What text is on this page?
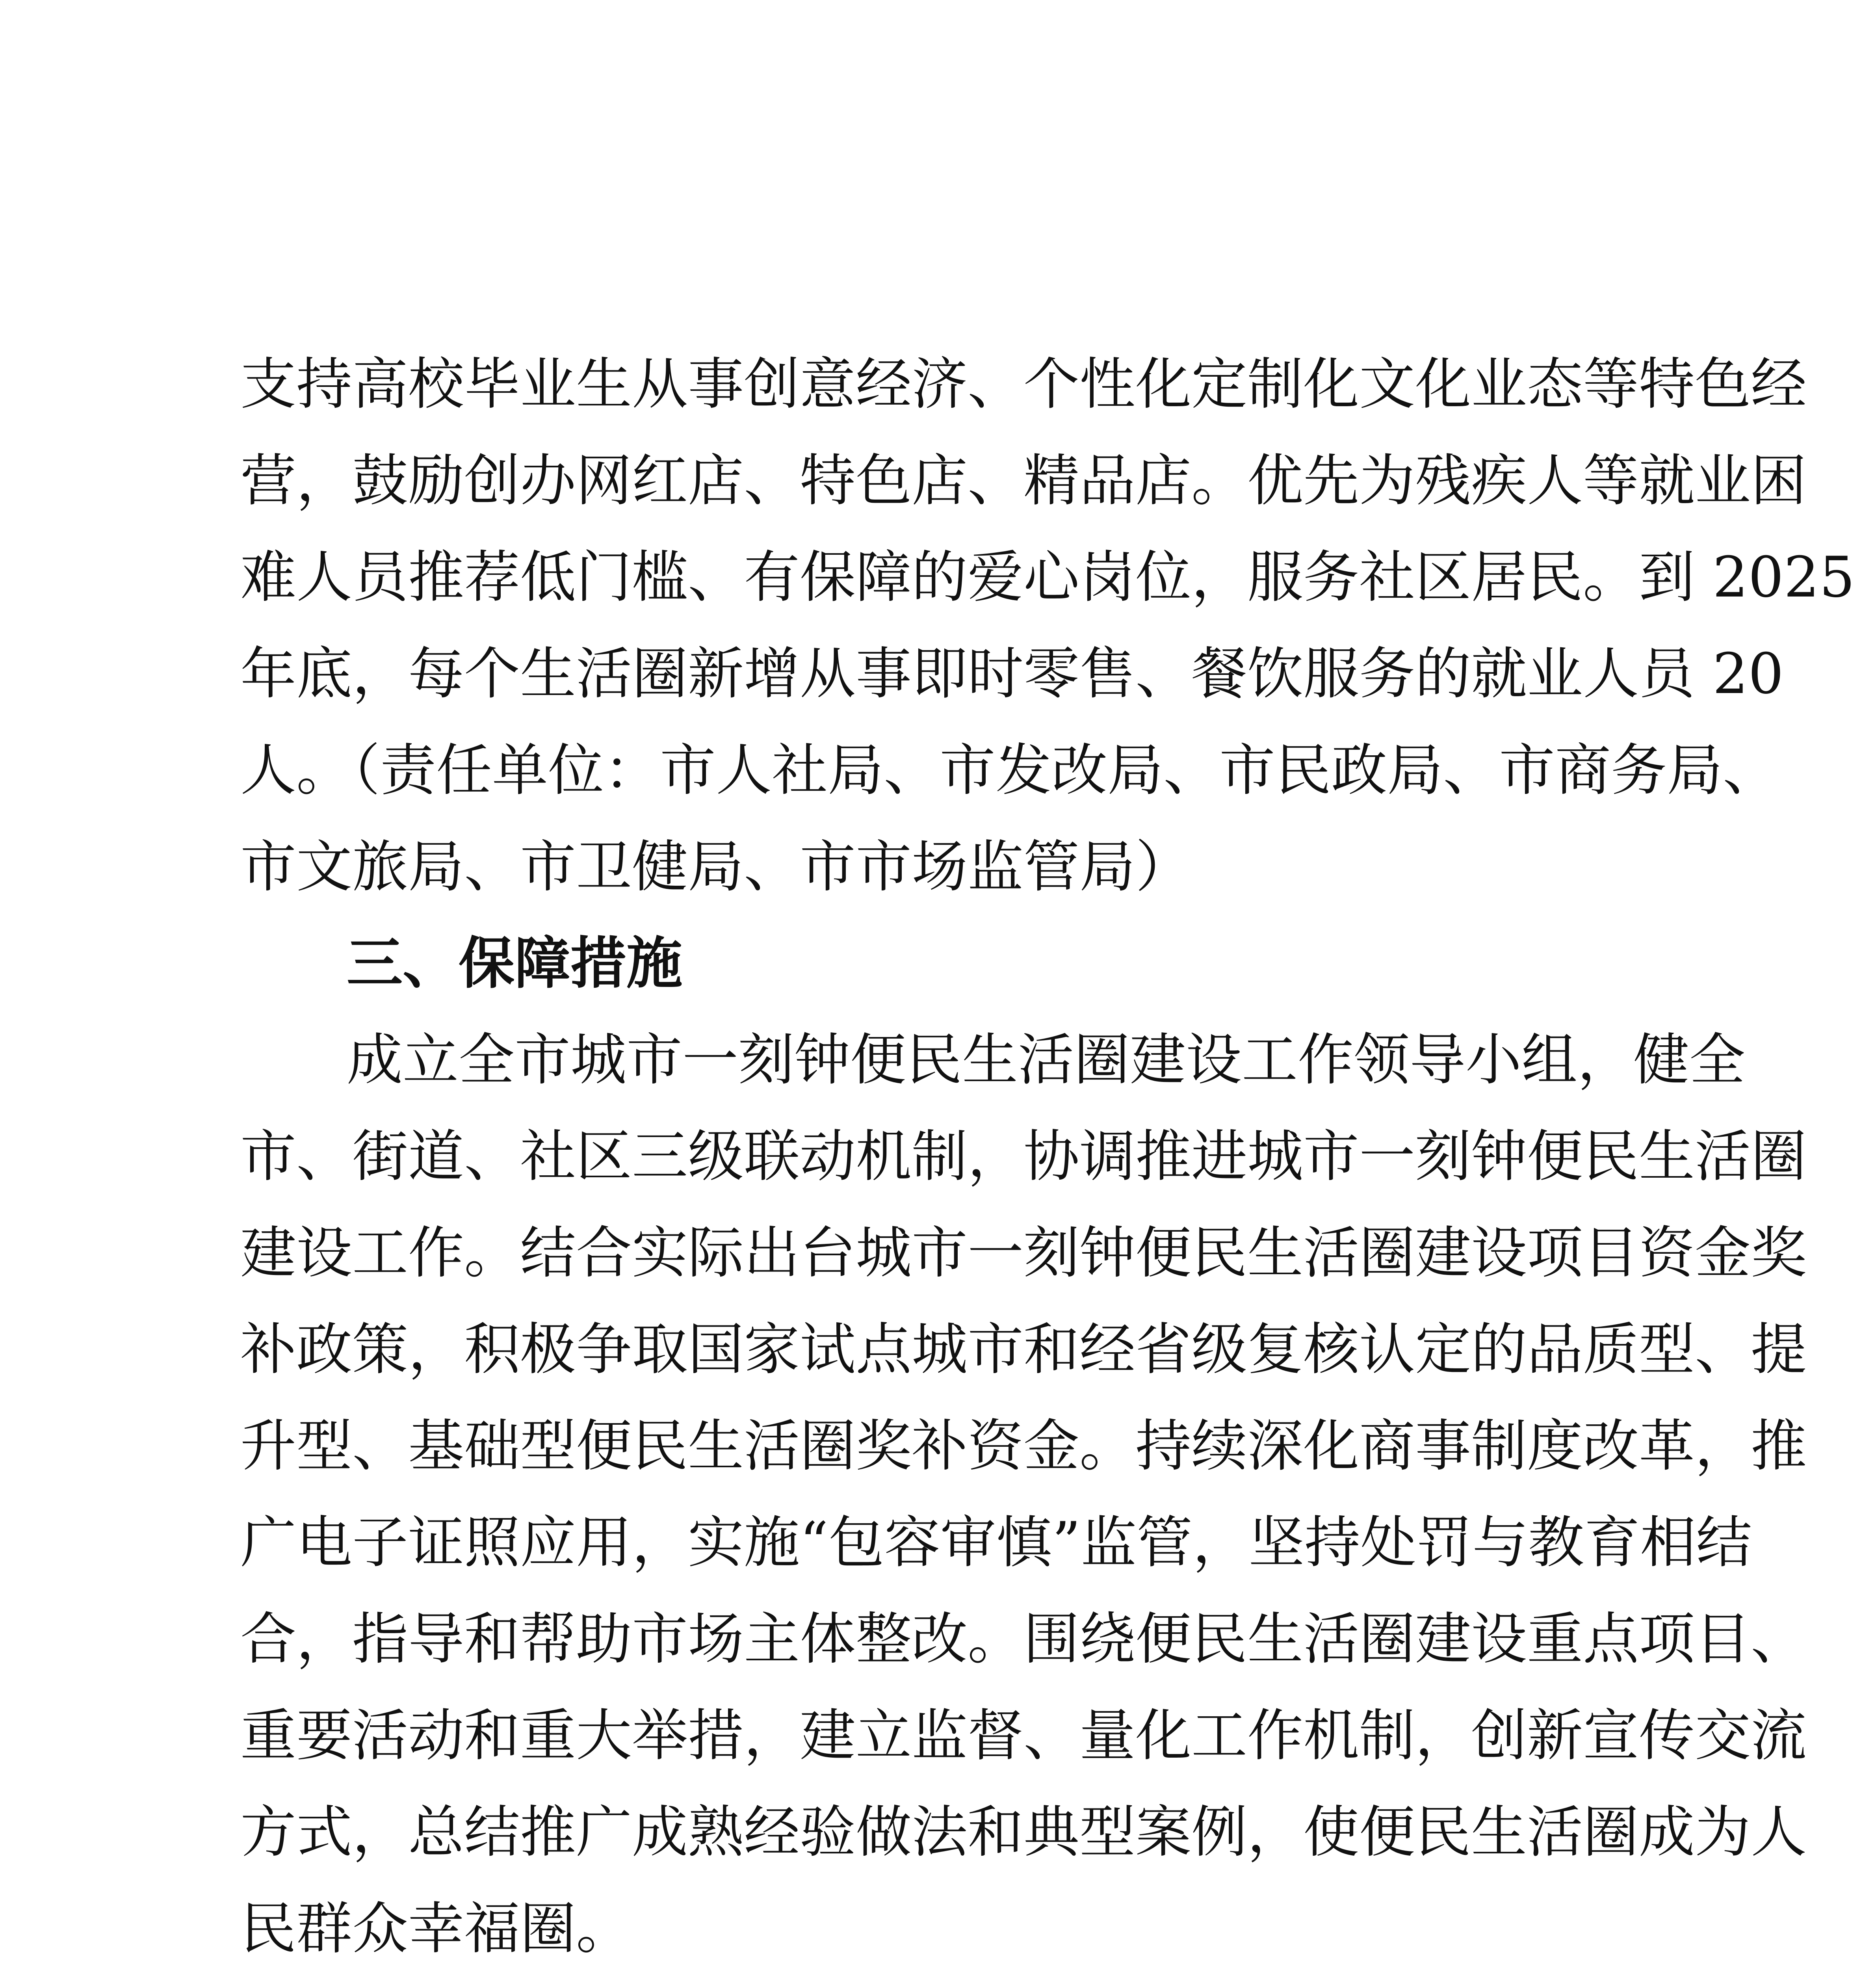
支持高校毕业生从事创意经济、个性化定制化文化业态等特色经
营，鼓励创办网红店、特色店、精品店。优先为残疾人等就业困
难人员推荐低门槛、有保障的爱心岗位，服务社区居民。到 2025
年底，每个生活圈新增从事即时零售、餐饮服务的就业人员 20
人。（责任单位：市人社局、市发改局、市民政局、市商务局、
市文旅局、市卫健局、市市场监管局）
三、保障措施
成立全市城市一刻钟便民生活圈建设工作领导小组，健全
市、街道、社区三级联动机制，协调推进城市一刻钟便民生活圈
建设工作。结合实际出台城市一刻钟便民生活圈建设项目资金奖
补政策，积极争取国家试点城市和经省级复核认定的品质型、提
升型、基础型便民生活圈奖补资金。持续深化商事制度改革，推
广电子证照应用，实施“包容审慎”监管，坚持处罚与教育相结
合，指导和帮助市场主体整改。围绕便民生活圈建设重点项目、
重要活动和重大举措，建立监督、量化工作机制，创新宣传交流
方式，总结推广成熟经验做法和典型案例，使便民生活圈成为人
民群众幸福圈。
